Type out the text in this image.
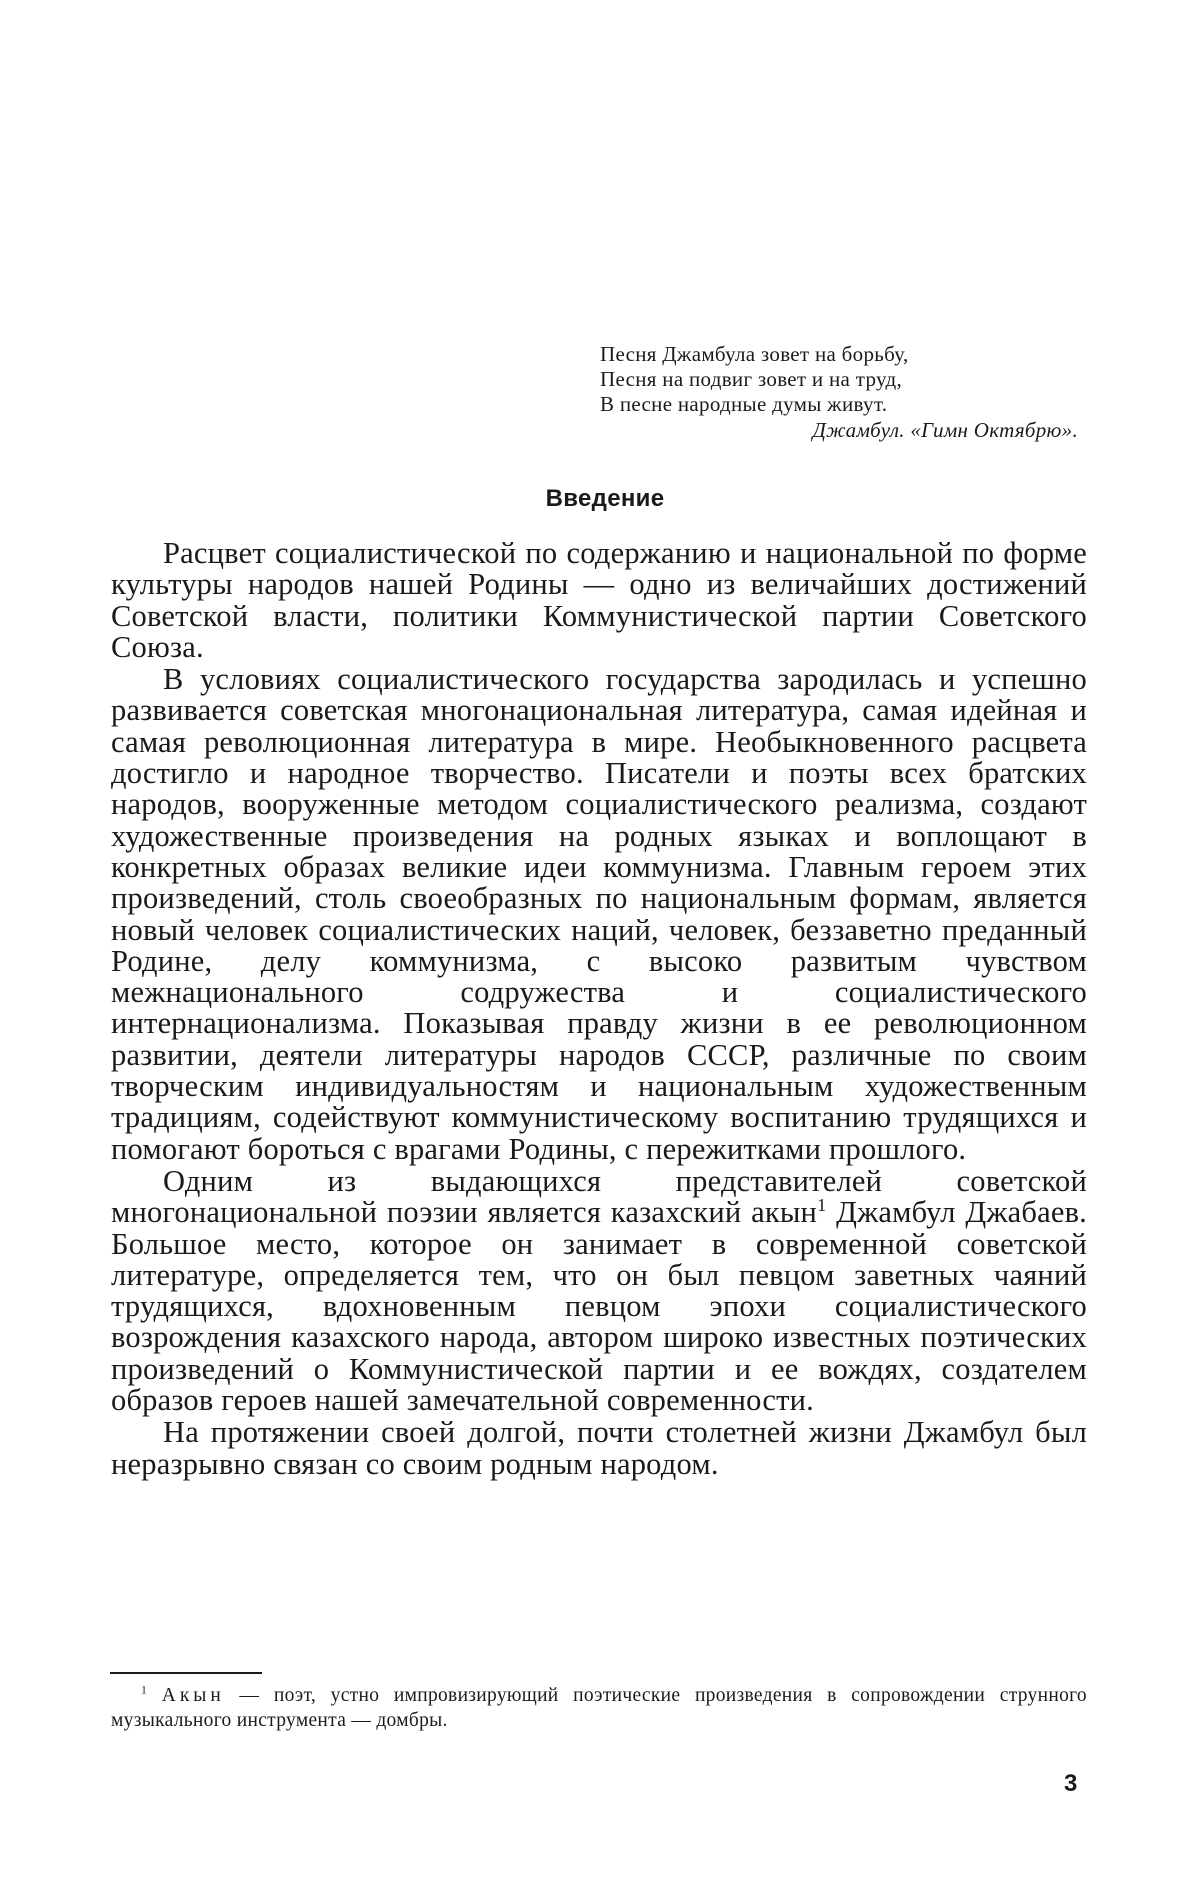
Песня Джамбула зовет на борьбу,
Песня на подвиг зовет и на труд,
В песне народные думы живут.
Джамбул. «Гимн Октябрю».
Введение

Расцвет социалистической по содержанию и национальной по форме культуры народов нашей Родины — одно из величайших достижений Советской власти, политики Коммунистической партии Советского Союза.

В условиях социалистического государства зародилась и успешно развивается советская многонациональная литература, самая идейная и самая революционная литература в мире. Необыкновенного расцвета достигло и народное творчество. Писатели и поэты всех братских народов, вооруженные методом социалистического реализма, создают художественные произведения на родных языках и воплощают в конкретных образах великие идеи коммунизма. Главным героем этих произведений, столь своеобразных по национальным формам, является новый человек социалистических наций, человек, беззаветно преданный Родине, делу коммунизма, с высоко развитым чувством межнационального содружества и социалистического интернационализма. Показывая правду жизни в ее революционном развитии, деятели литературы народов СССР, различные по своим творческим индивидуальностям и национальным художественным традициям, содействуют коммунистическому воспитанию трудящихся и помогают бороться с врагами Родины, с пережитками прошлого.

Одним из выдающихся представителей советской многонациональной поэзии является казахский акын$^1$ Джамбул Джабаев. Большое место, которое он занимает в современной советской литературе, определяется тем, что он был певцом заветных чаяний трудящихся, вдохновенным певцом эпохи социалистического возрождения казахского народа, автором широко известных поэтических произведений о Коммунистической партии и ее вождях, создателем образов героев нашей замечательной современности.

На протяжении своей долгой, почти столетней жизни Джамбул был неразрывно связан со своим родным народом.

$^1$ Акын — поэт, устно импровизирующий поэтические произведения в сопровождении струнного музыкального инструмента — домбры.
3
